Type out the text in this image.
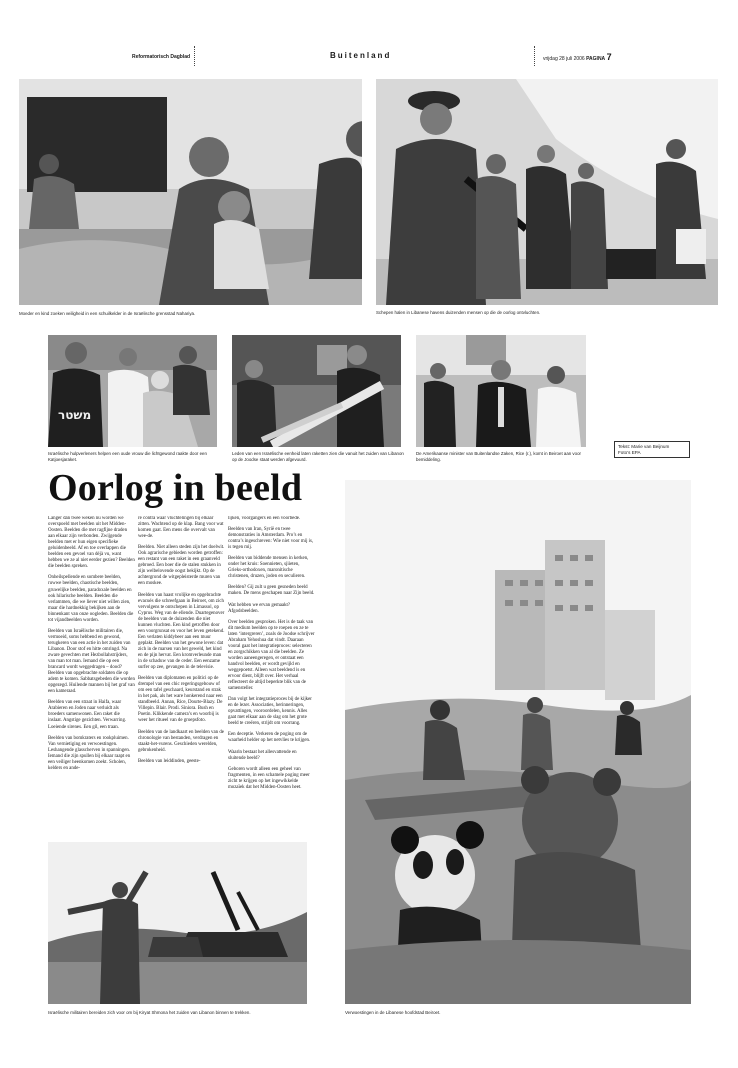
Reformatorisch Dagblad	Buitenland	vrijdag 28 juli 2006 PAGINA 7
Moeder en kind zoeken veiligheid in een schuilkelder in de Israëlische grensstad Nahariya.	Schepen halen in Libanese havens duizenden mensen op die de oorlog ontvluchten.
משטר
Israëlische hulpverleners helpen een oude vrouw die lichtgewond raakte door een Katjoesjaraket.
Leden van een Israëlische eenheid laten raketten zien die vanuit het zuiden van Libanon op de Joodse staat werden afgevuurd.
De Amerikaanse minister van Buitenlandse Zaken, Rice (r.), komt in Beiroet aan voor bemiddeling.
Tekst: Marie van Beijnum
Foto’s EPA
Oorlog in beeld

Langer dan twee weken nu worden we overspoeld met beelden uit het Midden-Oosten. Beelden die met ragfijne draden aan elkaar zijn verbonden. Zwijgende beelden met er hun eigen specifieke geluidenbeeld. Af en toe overlappen die beelden een gevoel van déjà vu, want hebben we ze al niet eerder gezien? Beelden die beelden spreken.

Onheilspellende en sombere beelden, ruwwe beelden, chaotische beelden, gruwelijke beelden, paradoxale beelden en ook hilarische beelden. Beelden die verlammen, die we liever niet willen zien, maar die hardnekkig bekijken aan de binnenkant van onze oogleden. Beelden die tot vijandbeelden worden.

Beelden van Israëlische militairen die, vermoeid, soms hebbend en gewond, terugkeren van een actie in het zuiden van Libanon. Door stof en hitte omringd. Na zware gevechten met Hezbollahstrijders, van man tot man. Iemand die op een brancard wordt weggedragen – dood? Beelden van opgebrachte soldaten die op adem te komen. Sabbatsgebeden die worden opgezegd. Huilende mannen bij het graf van een kameraad.

Beelden van een straat in Haifa, waar Arabieren en Joden naar verluidt als broeders samenwonen. Een raket die inslaat. Angstige gezichten. Verwarring. Loeiende sirenes. Een gil, een traan.

Beelden van bomkraters en rookpluimen. Van vernietiging en verwoestingen. Leshangende glasscherven in spanningen. Iemand die zijn spullen bij elkaar raapt en een veiliger heenkomen zoekt. Scholen, kelders en ande-

re contra waar vluchtelingen bij elkaar zitten. Wachtend op de klap. Bang voor wat komen gaat. Een mens die overvalt van wee-de.

Beelden. Niet alleen steden zijn het doelwit. Ook agrarische gebieden worden getroffen: een restant van een raket in een graanveld gebroed. Een boer die de stalen stukken in zijn welbelovende oogst bekijkt. Op de achtergrond de witgepleisterde muren van een moskee.

Beelden van haast vrolijke en opgebrachte evacués die schreefgaan in Beiroet, om zich vervolgens te ontschepen in Limassol, op Cyprus. Weg van de ellende. Duartegenover de beelden van de duizenden die niet kunnen vluchten. Een kind getroffen door een voorgrunsat en voor het leven getekend. Een verlaten kiddybeer aan een muur geplakt. Beelden van het gewone leven: dat zich in de marsen van het geweld, het kind en de pijn hervat. Een kromverleunde man in de schaduw van de ceder. Een eenzame surfer op zee, gevangen in de televisie.

Beelden van diplomaten en politici op de drempel van een chic regeringsgebouw of om een tafel geschaard, keurstand en strak in het pak, als het ware honkerend naar een standbeeld. Annan, Rice, Dourte-Blazy. De Villepin. Blair. Prodi. Siniora. Bush en Poetin. Klikkende camera’s en woorbij is weer het ritueel van de groepsfoto.

Beelden van de landkaart en beelden van de chronologie van bestanden, verdragen en staakt-het-vurens. Geschieden werelden, gebrokenheid.

Beelden van leiddinden, geeste-

lijken, voorgangers en een voorbede.

Beelden van Iran, Syrië en twee demonstraties in Amsterdam. Pro’s en contra’s ingeschreven: Wie niet voor mij is, is tegen mij.

Beelden van biddende mensen in kerken, onder het kruis: Soennieten, sjiieten, Grieks-orthodoxen, maronitische christenen, druzen, joden en seculieren.

Beelden? Gij zult u geen gesneden beeld maken. De mens geschapen naar Zijn beeld.

Wat hebben we ervan gemaakt? Afgodsbeelden.

Over beelden gesproken. Het is de taak van dit medium beelden op te roepen en ze te laten ‘intergreren’, zoals de Joodse schrijver Abraham Yehoshua dat vindt. Daaraan vooral gaat het integratieproces: selecteren en zorgschikken van al die beelden. Ze worden aaneengeregen, er ontstaat een handvol beelden, er wordt gevijld en weggepoetst. Alleen wat beeldend is en ervoor dient, blijft over. Het verhaal reflecteert de altijd beperkte blik van de samensteller.

Dan volgt het integratieproces bij de kijker en de lezer. Associaties, herinneringen, opvattingen, vooroordelen, kennis. Alles gaat met elkaar aan de slag om het grote beeld te creëren, strijdt om voorrang.

Een deceptie. Verkeren de poging om de waarheid helder op het netvlies te krijgen.

Waarin bestaat het allesvattende en sluitende beeld?

Geboren wordt alleen een geheel van fragmenten, in een schamele poging meer zicht te krijgen op het ingewikkelde mozaïek dat het Midden-Oosten heet.

Israëlische militairen bereiden zich voor om bij Kiryat Shmona het zuiden van Libanon binnen te trekken.	Verwoestingen in de Libanese hoofdstad Beiroet.
